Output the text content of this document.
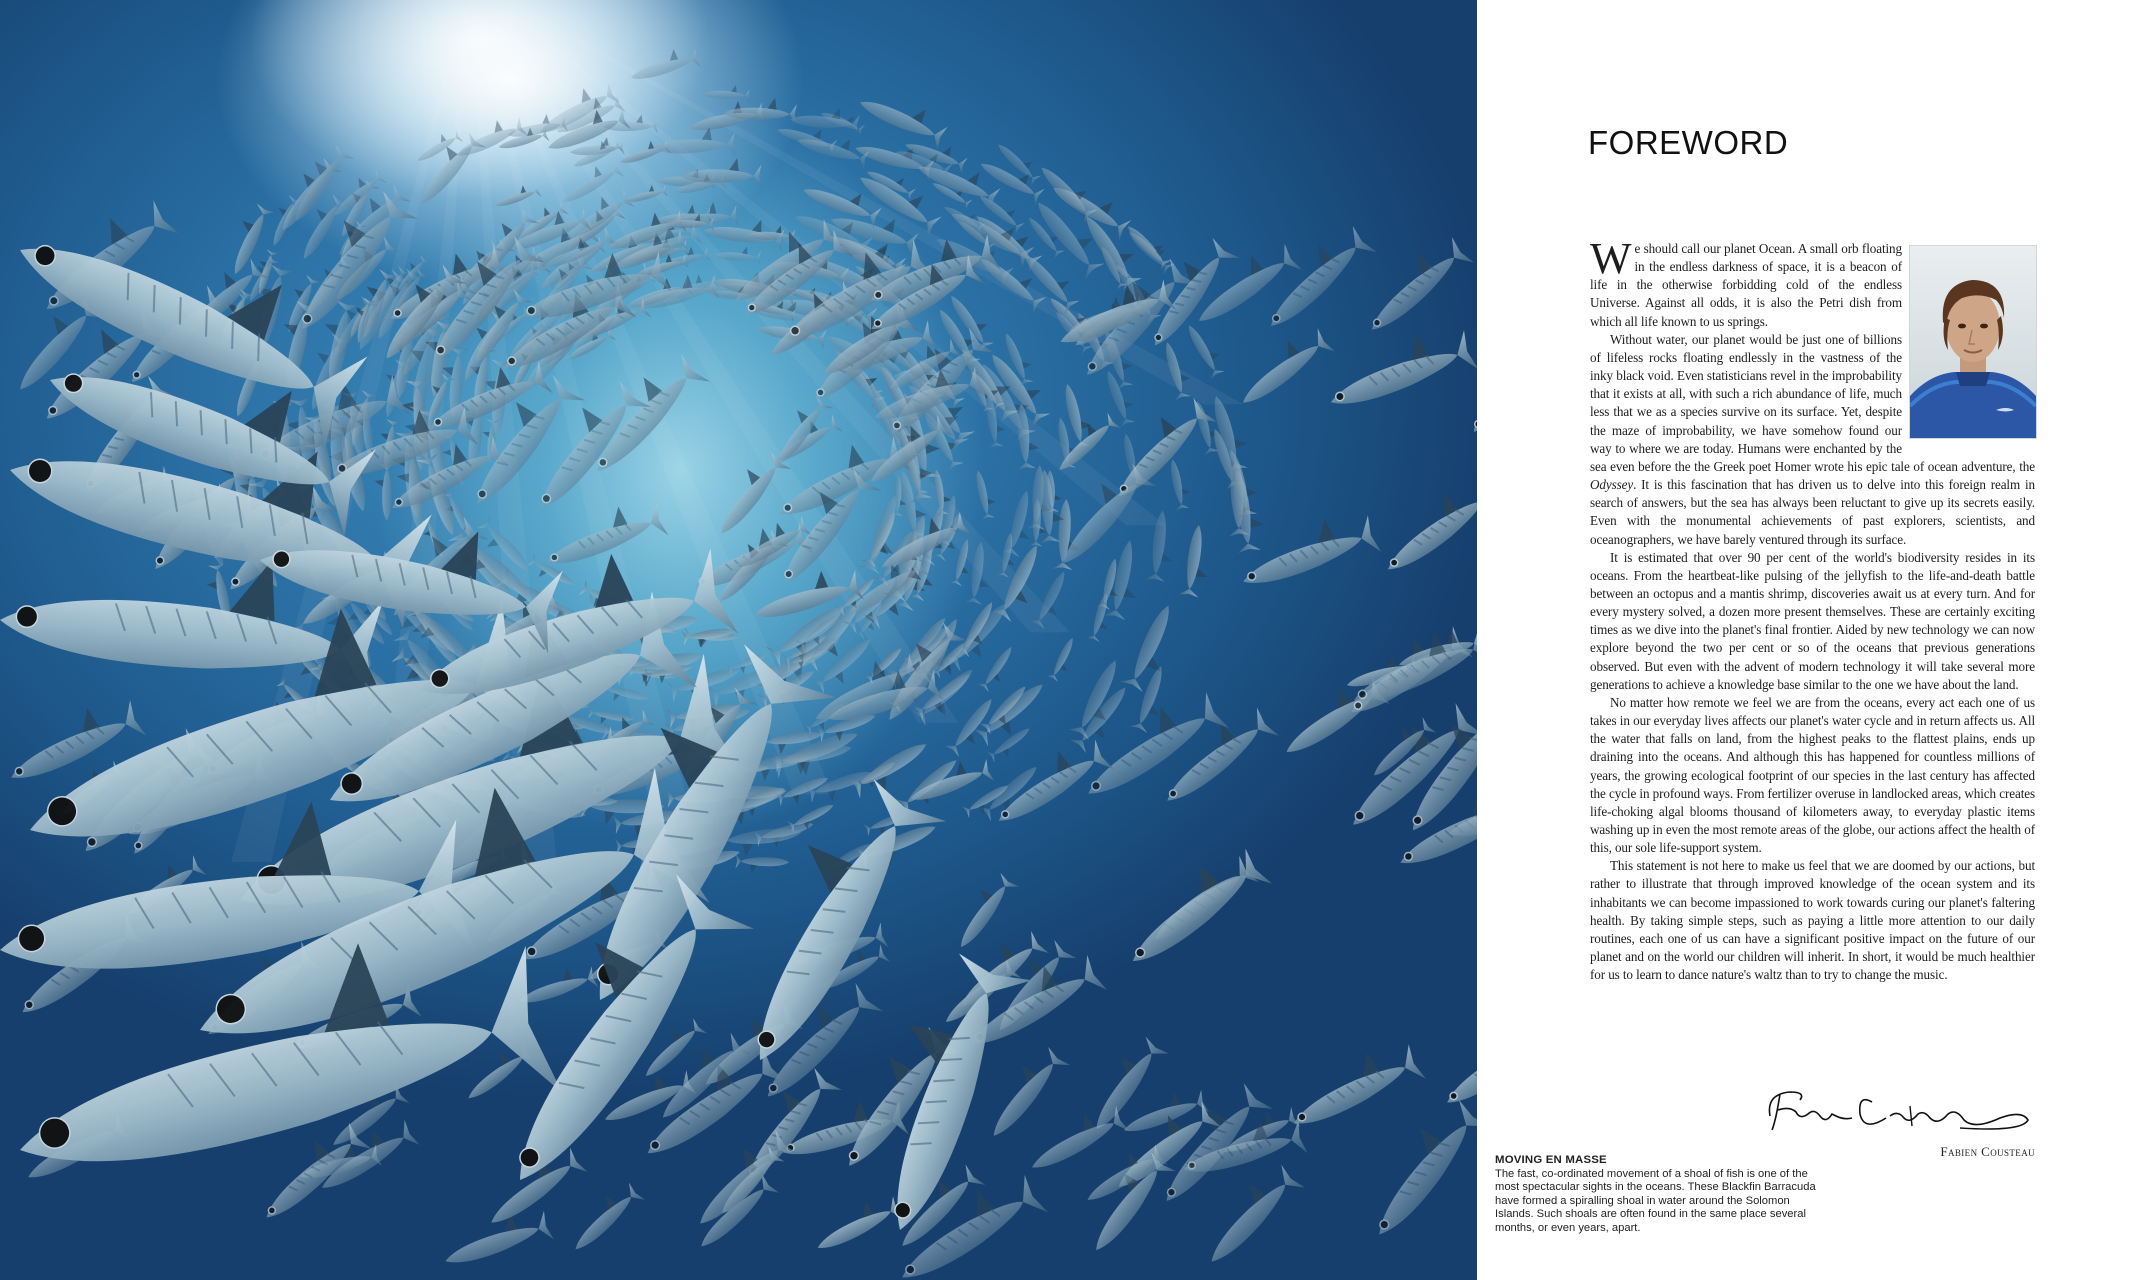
MOVING EN MASSE
The fast, co-ordinated movement of a shoal of fish is one of the most spectacular sights in the oceans. These Blackfin Barracuda have formed a spiralling shoal in water around the Solomon Islands. Such shoals are often found in the same place several months, or even years, apart.
FOREWORD

We should call our planet Ocean. A small orb floating in the endless darkness of space, it is a beacon of life in the otherwise forbidding cold of the endless Universe. Against all odds, it is also the Petri dish from which all life known to us springs.

Without water, our planet would be just one of billions of lifeless rocks floating endlessly in the vastness of the inky black void. Even statisticians revel in the improbability that it exists at all, with such a rich abundance of life, much less that we as a species survive on its surface. Yet, despite the maze of improbability, we have somehow found our way to where we are today. Humans were enchanted by the sea even before the the Greek poet Homer wrote his epic tale of ocean adventure, the Odyssey. It is this fascination that has driven us to delve into this foreign realm in search of answers, but the sea has always been reluctant to give up its secrets easily. Even with the monumental achievements of past explorers, scientists, and oceanographers, we have barely ventured through its surface.

It is estimated that over 90 per cent of the world's biodiversity resides in its oceans. From the heartbeat-like pulsing of the jellyfish to the life-and-death battle between an octopus and a mantis shrimp, discoveries await us at every turn. And for every mystery solved, a dozen more present themselves. These are certainly exciting times as we dive into the planet's final frontier. Aided by new technology we can now explore beyond the two per cent or so of the oceans that previous generations observed. But even with the advent of modern technology it will take several more generations to achieve a knowledge base similar to the one we have about the land.

No matter how remote we feel we are from the oceans, every act each one of us takes in our everyday lives affects our planet's water cycle and in return affects us. All the water that falls on land, from the highest peaks to the flattest plains, ends up draining into the oceans. And although this has happened for countless millions of years, the growing ecological footprint of our species in the last century has affected the cycle in profound ways. From fertilizer overuse in landlocked areas, which creates life-choking algal blooms thousand of kilometers away, to everyday plastic items washing up in even the most remote areas of the globe, our actions affect the health of this, our sole life-support system.

This statement is not here to make us feel that we are doomed by our actions, but rather to illustrate that through improved knowledge of the ocean system and its inhabitants we can become impassioned to work towards curing our planet's faltering health. By taking simple steps, such as paying a little more attention to our daily routines, each one of us can have a significant positive impact on the future of our planet and on the world our children will inherit. In short, it would be much healthier for us to learn to dance nature's waltz than to try to change the music.

Fabien Cousteau
